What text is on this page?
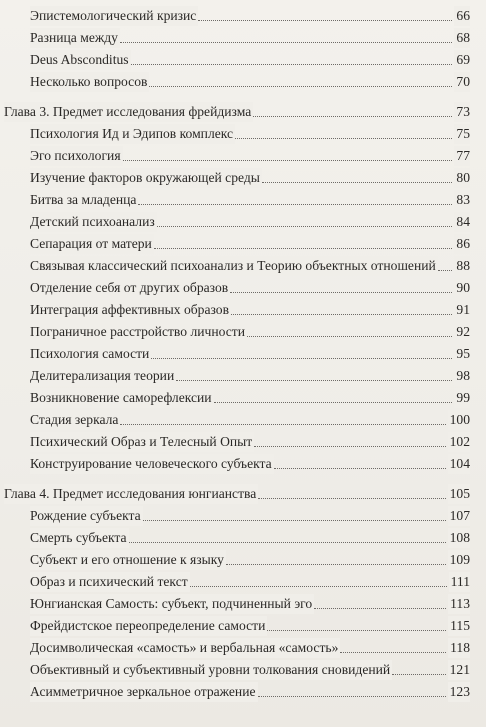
Эпистемологический кризис	66
Разница между	68
Deus Absconditus	69
Несколько вопросов	70
Глава 3. Предмет исследования фрейдизма	73
Психология Ид и Эдипов комплекс	75
Эго психология	77
Изучение факторов окружающей среды	80
Битва за младенца	83
Детский психоанализ	84
Сепарация от матери	86
Связывая классический психоанализ и Теорию объектных отношений 88
Отделение себя от других образов	90
Интеграция аффективных образов	91
Пограничное расстройство личности	92
Психология самости	95
Делитерализация теории	98
Возникновение саморефлексии	99
Стадия зеркала	100
Психический Образ и Телесный Опыт	102
Конструирование человеческого субъекта	104
Глава 4. Предмет исследования юнгианства	105
Рождение субъекта	107
Смерть субъекта	108
Субъект и его отношение к языку	109
Образ и психический текст	111
Юнгианская Самость: субъект, подчиненный эго	113
Фрейдистское переопределение самости	115
Досимволическая «самость» и вербальная «самость»	118
Объективный и субъективный уровни толкования сновидений	121
Асимметричное зеркальное отражение	123
